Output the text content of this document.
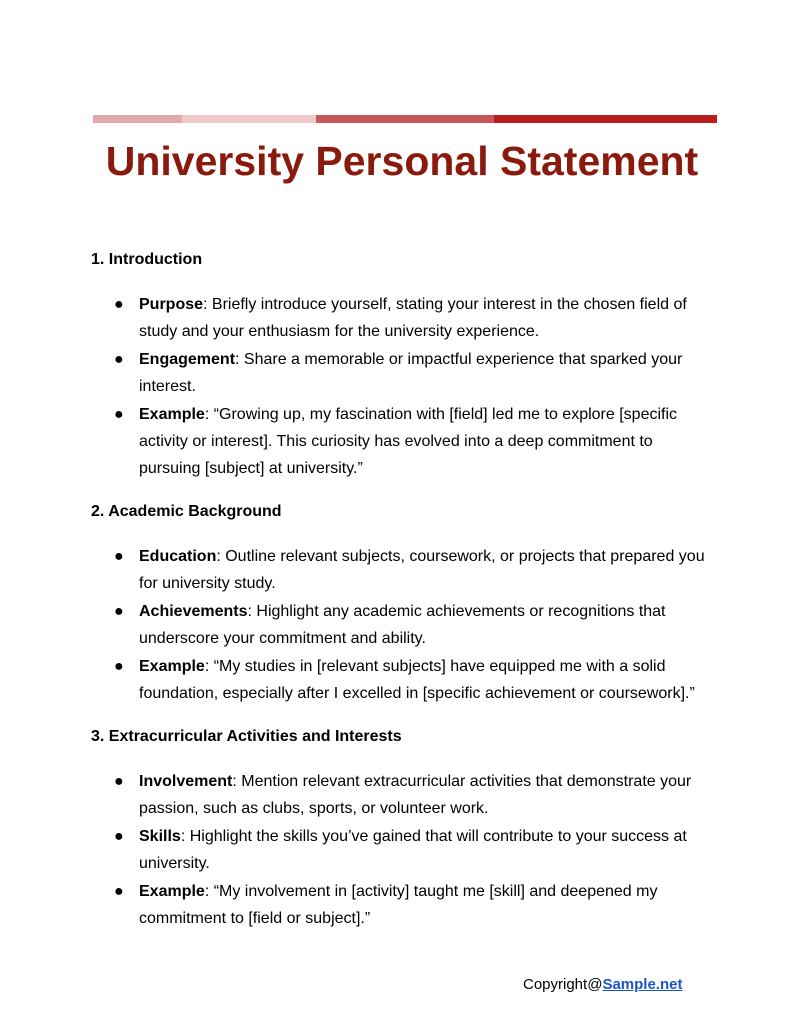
University Personal Statement

1. Introduction

● Purpose: Briefly introduce yourself, stating your interest in the chosen field of study and your enthusiasm for the university experience.
● Engagement: Share a memorable or impactful experience that sparked your interest.
● Example: “Growing up, my fascination with [field] led me to explore [specific activity or interest]. This curiosity has evolved into a deep commitment to pursuing [subject] at university.”

2. Academic Background

● Education: Outline relevant subjects, coursework, or projects that prepared you for university study.
● Achievements: Highlight any academic achievements or recognitions that underscore your commitment and ability.
● Example: “My studies in [relevant subjects] have equipped me with a solid foundation, especially after I excelled in [specific achievement or coursework].”

3. Extracurricular Activities and Interests

● Involvement: Mention relevant extracurricular activities that demonstrate your passion, such as clubs, sports, or volunteer work.
● Skills: Highlight the skills you’ve gained that will contribute to your success at university.
● Example: “My involvement in [activity] taught me [skill] and deepened my commitment to [field or subject].”
Copyright@Sample.net
